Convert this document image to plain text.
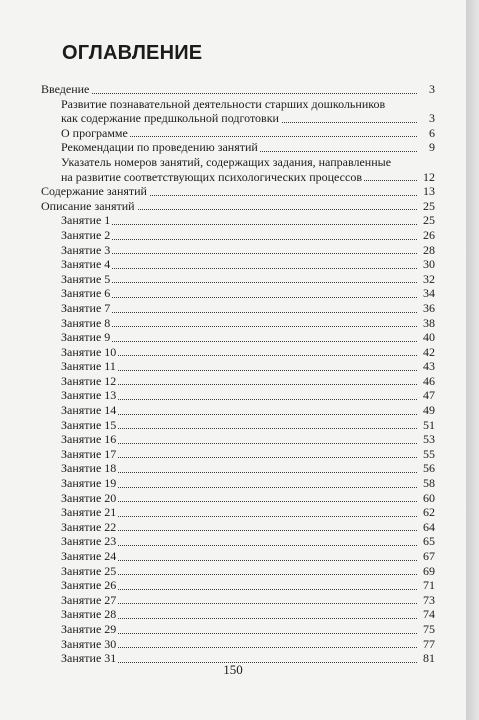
ОГЛАВЛЕНИЕ
Введение	3
Развитие познавательной деятельности старших дошкольников
как содержание предшкольной подготовки	3
О программе	6
Рекомендации по проведению занятий	9
Указатель номеров занятий, содержащих задания, направленные
на развитие соответствующих психологических процессов	12
Содержание занятий	13
Описание занятий	25
Занятие 1	25
Занятие 2	26
Занятие 3	28
Занятие 4	30
Занятие 5	32
Занятие 6	34
Занятие 7	36
Занятие 8	38
Занятие 9	40
Занятие 10	42
Занятие 11	43
Занятие 12	46
Занятие 13	47
Занятие 14	49
Занятие 15	51
Занятие 16	53
Занятие 17	55
Занятие 18	56
Занятие 19	58
Занятие 20	60
Занятие 21	62
Занятие 22	64
Занятие 23	65
Занятие 24	67
Занятие 25	69
Занятие 26	71
Занятие 27	73
Занятие 28	74
Занятие 29	75
Занятие 30	77
Занятие 31	81
150
